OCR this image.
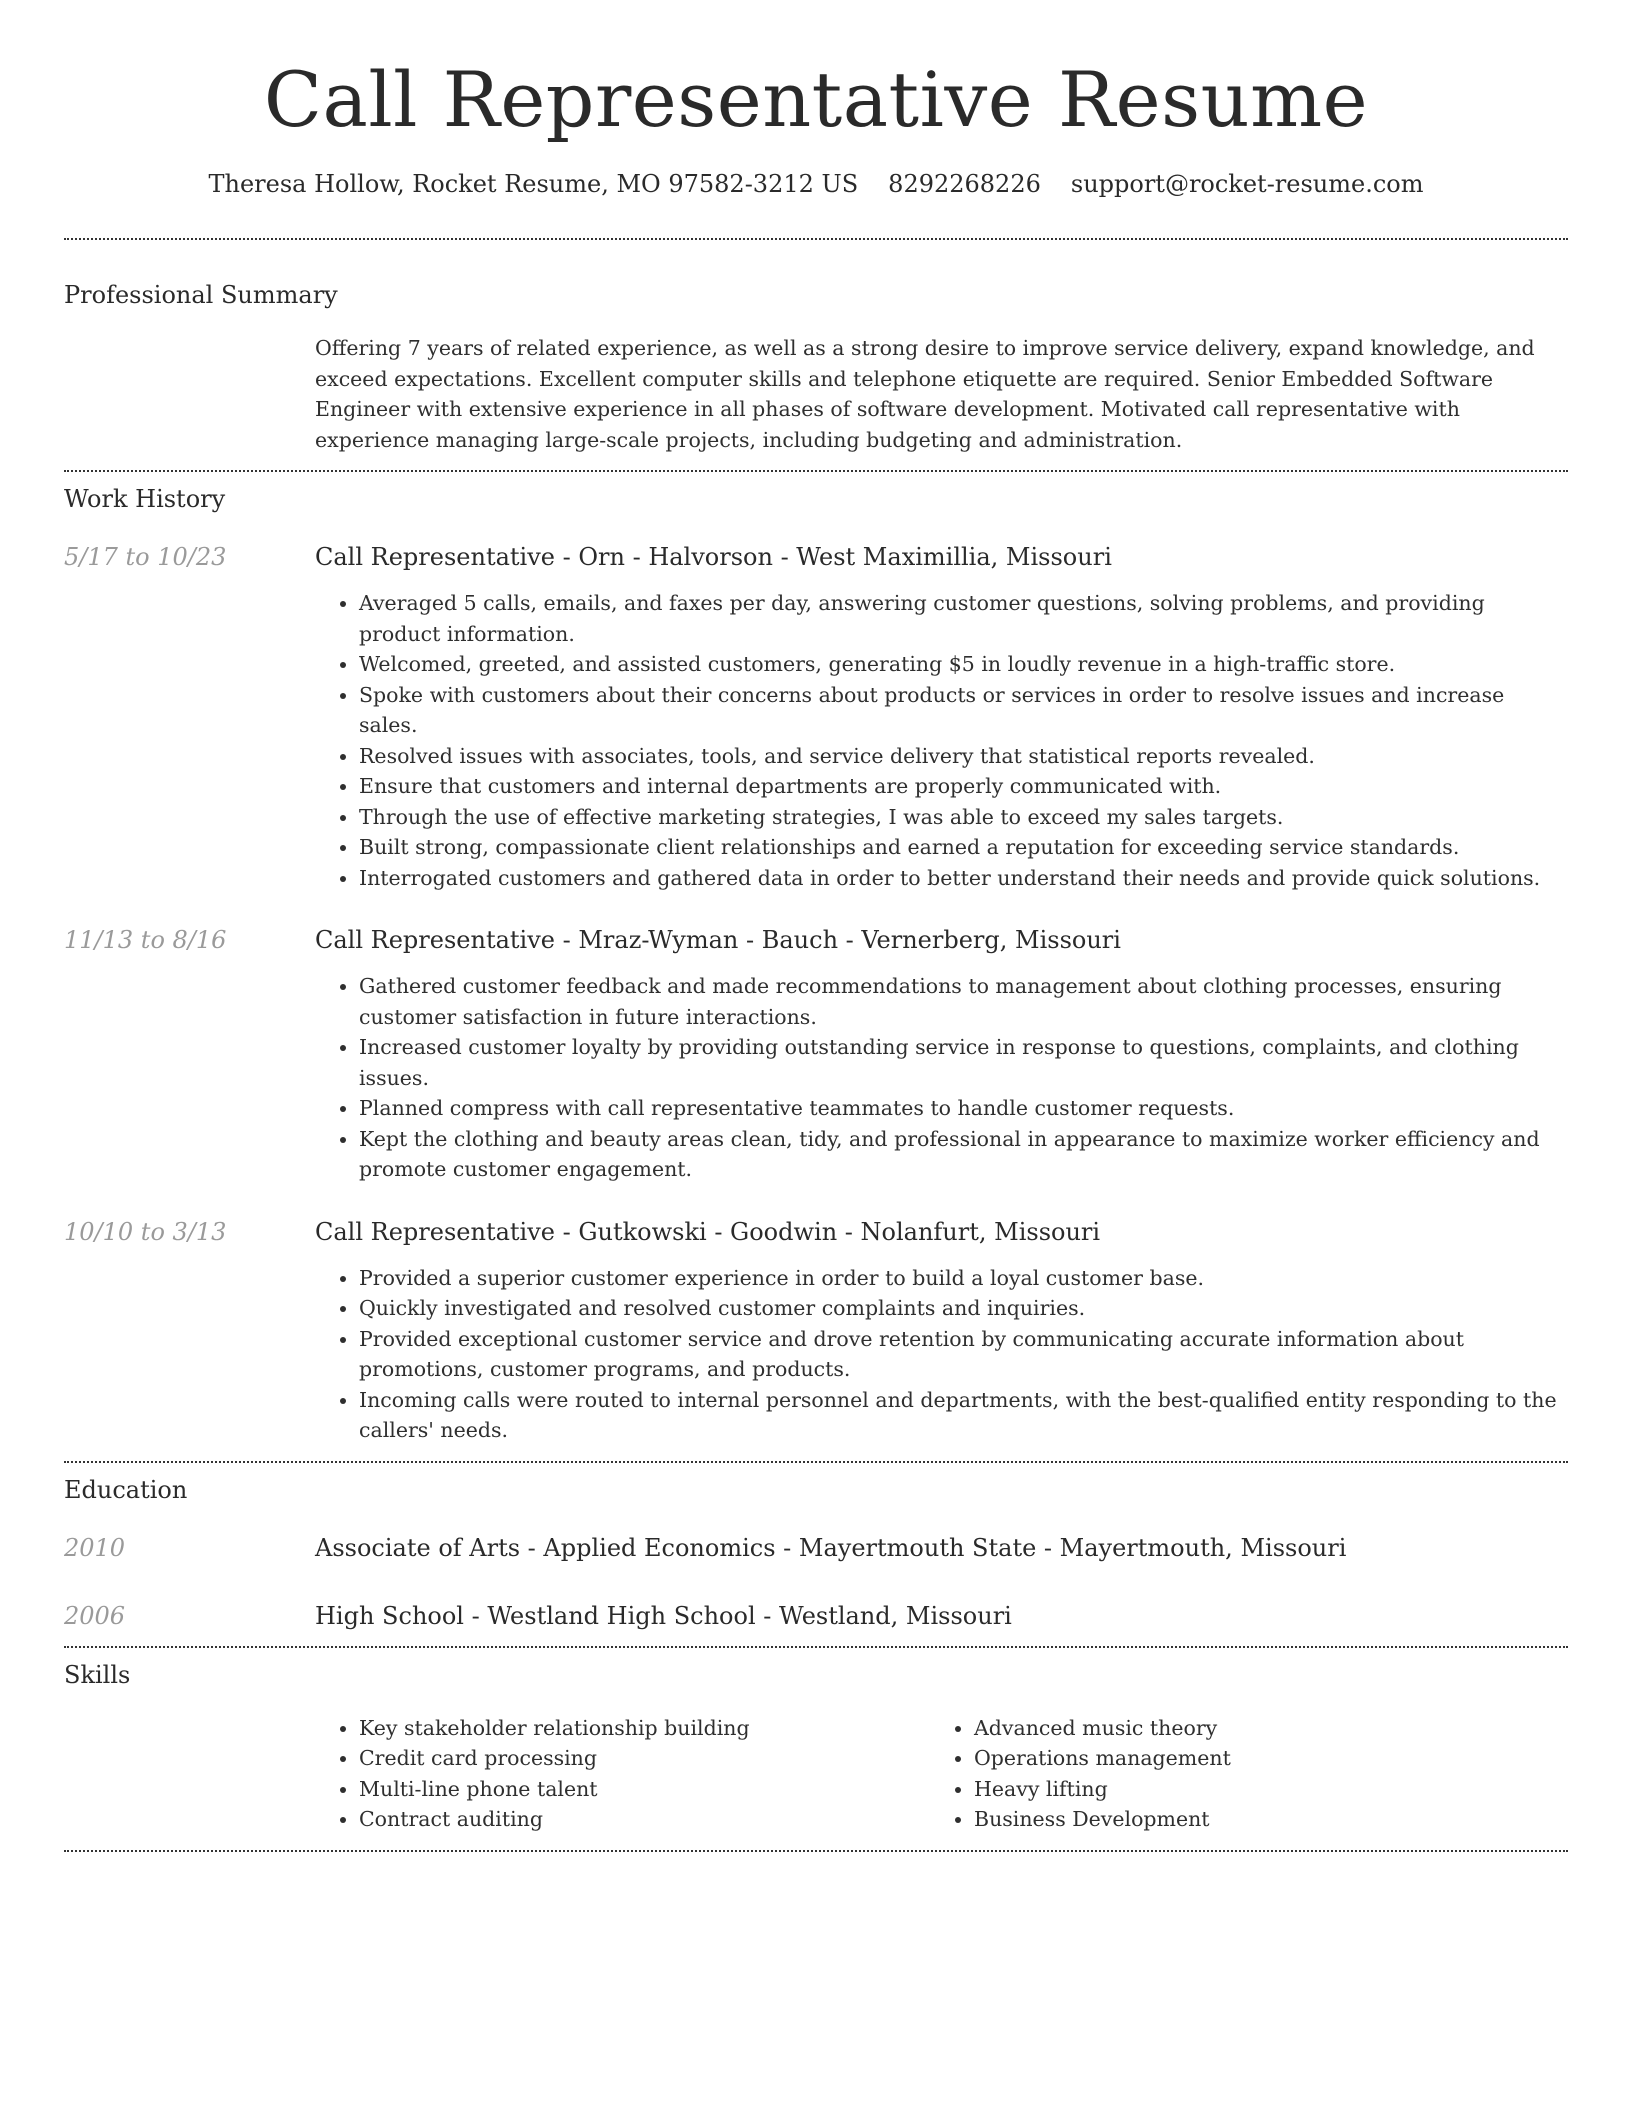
Call Representative Resume
Theresa Hollow, Rocket Resume, MO 97582-3212 US 8292268226 support@rocket-resume.com
Professional Summary

Offering 7 years of related experience, as well as a strong desire to improve service delivery, expand knowledge, and exceed expectations. Excellent computer skills and telephone etiquette are required. Senior Embedded Software Engineer with extensive experience in all phases of software development. Motivated call representative with experience managing large-scale projects, including budgeting and administration.

Work History
5/17 to 10/23	Call Representative - Orn - Halvorson - West Maximillia, Missouri
• Averaged 5 calls, emails, and faxes per day, answering customer questions, solving problems, and providing product information.
• Welcomed, greeted, and assisted customers, generating $5 in loudly revenue in a high-traffic store.
• Spoke with customers about their concerns about products or services in order to resolve issues and increase sales.
• Resolved issues with associates, tools, and service delivery that statistical reports revealed.
• Ensure that customers and internal departments are properly communicated with.
• Through the use of effective marketing strategies, I was able to exceed my sales targets.
• Built strong, compassionate client relationships and earned a reputation for exceeding service standards.
• Interrogated customers and gathered data in order to better understand their needs and provide quick solutions.
11/13 to 8/16	Call Representative - Mraz-Wyman - Bauch - Vernerberg, Missouri
• Gathered customer feedback and made recommendations to management about clothing processes, ensuring customer satisfaction in future interactions.
• Increased customer loyalty by providing outstanding service in response to questions, complaints, and clothing issues.
• Planned compress with call representative teammates to handle customer requests.
• Kept the clothing and beauty areas clean, tidy, and professional in appearance to maximize worker efficiency and promote customer engagement.
10/10 to 3/13	Call Representative - Gutkowski - Goodwin - Nolanfurt, Missouri
• Provided a superior customer experience in order to build a loyal customer base.
• Quickly investigated and resolved customer complaints and inquiries.
• Provided exceptional customer service and drove retention by communicating accurate information about promotions, customer programs, and products.
• Incoming calls were routed to internal personnel and departments, with the best-qualified entity responding to the callers' needs.
Education
2010	Associate of Arts - Applied Economics - Mayertmouth State - Mayertmouth, Missouri
2006	High School - Westland High School - Westland, Missouri
Skills
• Key stakeholder relationship building
• Credit card processing
• Multi-line phone talent
• Contract auditing
• Advanced music theory
• Operations management
• Heavy lifting
• Business Development
